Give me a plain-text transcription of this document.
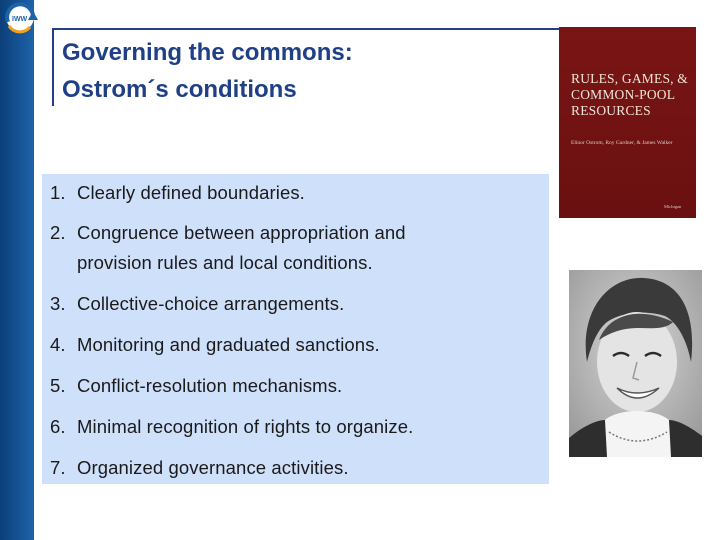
IWW
Governing the commons:
Ostrom´s conditions
1. Clearly defined boundaries.
2. Congruence between appropriation and
provision rules and local conditions.
3. Collective-choice arrangements.
4. Monitoring and graduated sanctions.
5. Conflict-resolution mechanisms.
6. Minimal recognition of rights to organize.
7. Organized governance activities.
RULES, GAMES, &
COMMON-POOL
RESOURCES
Elinor Ostrom, Roy Gardner, & James Walker
Michigan
